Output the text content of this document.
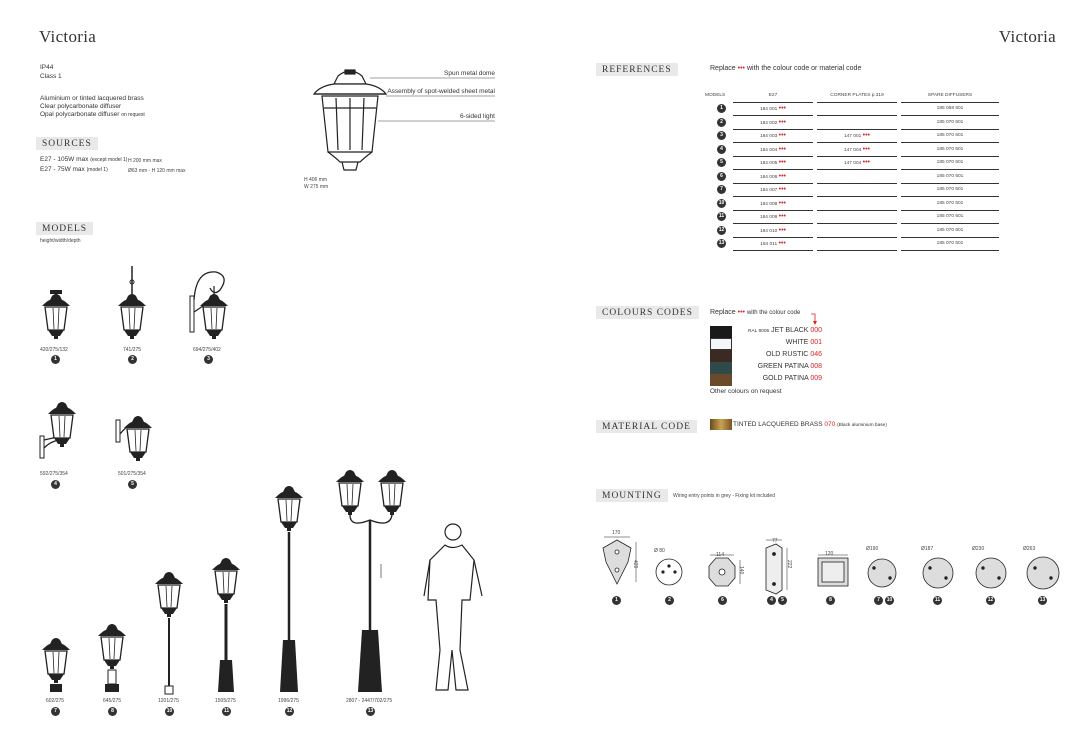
Victoria	Victoria
IP44
Class 1
Aluminium or tinted lacquered brass
Clear polycarbonate diffuser
Opal polycarbonate diffuser on request
SOURCES
E27 - 105W max (except model 1) H 200 mm max
E27 - 75W max (model 1)	Ø63 mm - H 120 mm max
Spun metal dome
Assembly of spot-welded sheet metal
6-sided light
H 406 mm
W 275 mm
MODELS
height/width/depth
420/275/132
1
741/275
2
694/275/402
3
592/275/354
4
501/275/354
5
602/275
7
645/275
8
1201/275
10
1505/275
11
1996/275
12
2807 - 2447/702/275
13
REFERENCES	Replace ••• with the colour code or material code
MODELS	E27		CORNER PLATES p.319		SPARE DIFFUSERS
1	184 001 •••				185 068 601
2	184 002 •••				185 070 601
3	184 003 •••		147 001 •••		185 070 601
4	184 004 •••		147 004 •••		185 070 601
5	184 005 •••		147 004 •••		185 070 601
6	184 006 •••				185 070 601
7	184 007 •••				185 070 601
10	184 008 •••				185 070 601
11	184 009 •••				185 070 601
12	184 010 •••				185 070 601
13	184 011 •••				185 070 601
COLOURS CODES	Replace ••• with the colour code
RAL 9005 JET BLACK 000
WHITE 001
OLD RUSTIC 046
GREEN PATINA 008
GOLD PATINA 009
Other colours on request
MATERIAL CODE	TINTED LACQUERED BRASS 070 (Black aluminium base)
MOUNTING	Wiring entry points in grey - Fixing kit included
170
420
Ø 80
114
140
77
222
120
Ø190	Ø187	Ø230	Ø263
1	2	6	4	5	8	7	10	11	12	13
